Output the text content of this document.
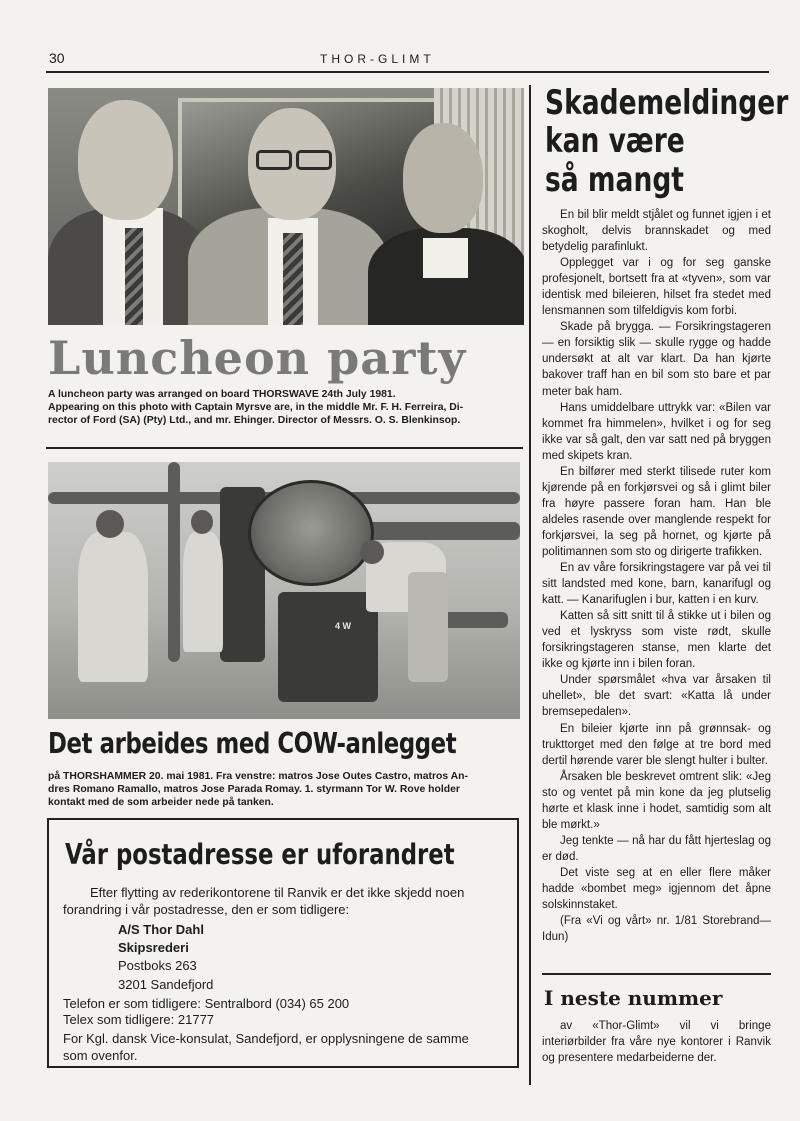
30	THOR-GLIMT
Luncheon party
A luncheon party was arranged on board THORSWAVE 24th July 1981.
Appearing on this photo with Captain Myrsve are, in the middle Mr. F. H. Ferreira, Di-
rector of Ford (SA) (Pty) Ltd., and mr. Ehinger. Director of Messrs. O. S. Blenkinsop.
4 W
Det arbeides med COW-anlegget
på THORSHAMMER 20. mai 1981. Fra venstre: matros Jose Outes Castro, matros An-
dres Romano Ramallo, matros Jose Parada Romay. 1. styrmann Tor W. Rove holder
kontakt med de som arbeider nede på tanken.
Vår postadresse er uforandret
Efter flytting av rederikontorene til Ranvik er det ikke skjedd noen
forandring i vår postadresse, den er som tidligere:
A/S Thor Dahl
Skipsrederi
Postboks 263
3201 Sandefjord
Telefon er som tidligere: Sentralbord (034) 65 200
Telex som tidligere: 21777
For Kgl. dansk Vice-konsulat, Sandefjord, er opplysningene de samme
som ovenfor.
Skademeldinger
kan være
så mangt

En bil blir meldt stjålet og funnet igjen i et skogholt, delvis brannskadet og med betydelig parafinlukt.

Opplegget var i og for seg ganske profesjonelt, bortsett fra at «tyven», som var identisk med bileieren, hilset fra stedet med lensmannen som tilfeldigvis kom forbi.

Skade på brygga. — Forsikringstageren — en forsiktig slik — skulle rygge og hadde undersøkt at alt var klart. Da han kjørte bakover traff han en bil som sto bare et par meter bak ham.

Hans umiddelbare uttrykk var: «Bilen var kommet fra himmelen», hvilket i og for seg ikke var så galt, den var satt ned på bryggen med skipets kran.

En bilfører med sterkt tilisede ruter kom kjørende på en forkjørsvei og så i glimt biler fra høyre passere foran ham. Han ble aldeles rasende over manglende respekt for forkjørsvei, la seg på hornet, og kjørte på politimannen som sto og dirigerte trafikken.

En av våre forsikringstagere var på vei til sitt landsted med kone, barn, kanarifugl og katt. — Kanarifuglen i bur, katten i en kurv.

Katten så sitt snitt til å stikke ut i bilen og ved et lyskryss som viste rødt, skulle forsikringstageren stanse, men klarte det ikke og kjørte inn i bilen foran.

Under spørsmålet «hva var årsaken til uhellet», ble det svart: «Katta lå under bremsepedalen».

En bileier kjørte inn på grønnsak- og trukttorget med den følge at tre bord med dertil hørende varer ble slengt hulter i bulter.

Årsaken ble beskrevet omtrent slik: «Jeg sto og ventet på min kone da jeg plutselig hørte et klask inne i hodet, samtidig som alt ble mørkt.»

Jeg tenkte — nå har du fått hjerteslag og er død.

Det viste seg at en eller flere måker hadde «bombet meg» igjennom det åpne solskinnstaket.

(Fra «Vi og vårt» nr. 1/81 Storebrand—Idun)

I neste nummer

av «Thor-Glimt» vil vi bringe interiørbilder fra våre nye kontorer i Ranvik og presentere medarbeiderne der.
